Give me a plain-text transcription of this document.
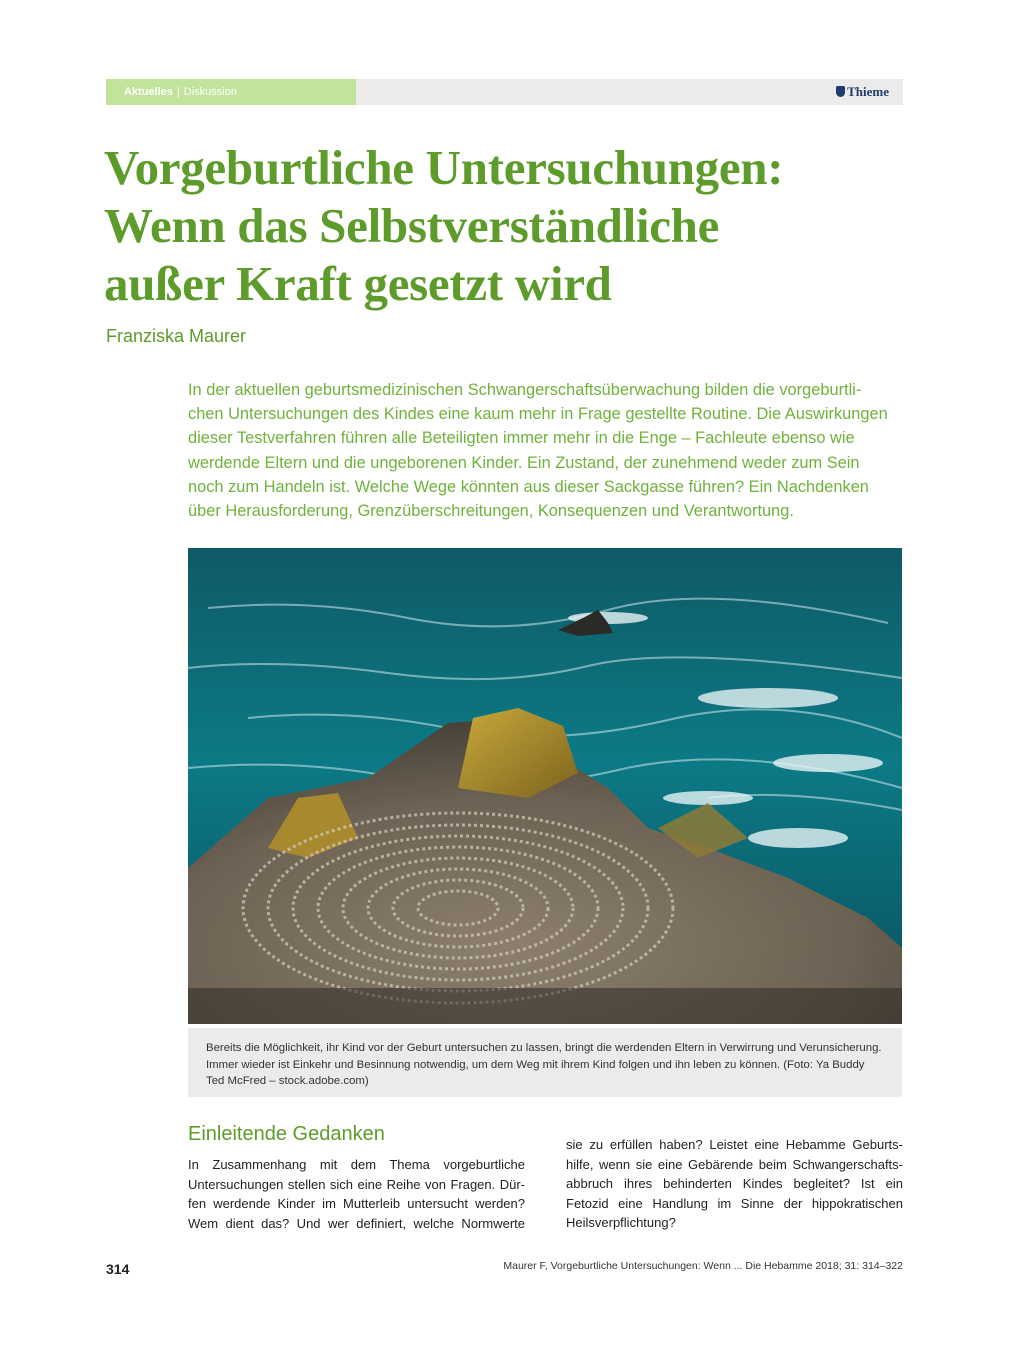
Aktuelles | Diskussion	Thieme
Vorgeburtliche Untersuchungen:
Wenn das Selbstverständliche
außer Kraft gesetzt wird
Franziska Maurer
In der aktuellen geburtsmedizinischen Schwangerschaftsüberwachung bilden die vorgeburtli-
chen Untersuchungen des Kindes eine kaum mehr in Frage gestellte Routine. Die Auswirkungen
dieser Testverfahren führen alle Beteiligten immer mehr in die Enge – Fachleute ebenso wie
werdende Eltern und die ungeborenen Kinder. Ein Zustand, der zunehmend weder zum Sein
noch zum Handeln ist. Welche Wege könnten aus dieser Sackgasse führen? Ein Nachdenken
über Herausforderung, Grenzüberschreitungen, Konsequenzen und Verantwortung.
Bereits die Möglichkeit, ihr Kind vor der Geburt untersuchen zu lassen, bringt die werdenden Eltern in Verwirrung und Verunsicherung.
Immer wieder ist Einkehr und Besinnung notwendig, um dem Weg mit ihrem Kind folgen und ihn leben zu können. (Foto: Ya Buddy
Ted McFred – stock.adobe.com)
Einleitende Gedanken
In Zusammenhang mit dem Thema vorgeburtliche
Untersuchungen stellen sich eine Reihe von Fragen. Dür-
fen werdende Kinder im Mutterleib untersucht werden?
Wem dient das? Und wer definiert, welche Normwerte
sie zu erfüllen haben? Leistet eine Hebamme Geburts-
hilfe, wenn sie eine Gebärende beim Schwangerschafts-
abbruch ihres behinderten Kindes begleitet? Ist ein
Fetozid eine Handlung im Sinne der hippokratischen
Heilsverpflichtung?
314	Maurer F, Vorgeburtliche Untersuchungen: Wenn ... Die Hebamme 2018; 31: 314–322
